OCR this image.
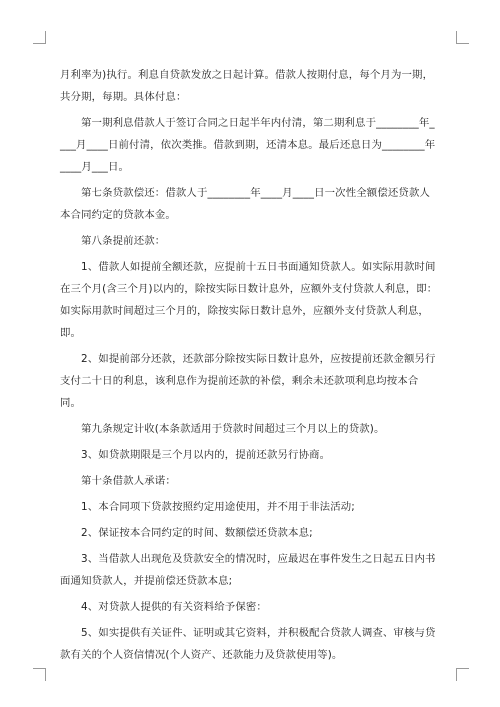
月利率为)执行。利息自贷款发放之日起计算。借款人按期付息，每个月为一期，共分期，每期。具体付息：

第一期利息借款人于签订合同之日起半年内付清，第二期利息于________年____月____日前付清，依次类推。借款到期，还清本息。最后还息日为________年____月___日。

第七条贷款偿还：借款人于________年____月____日一次性全额偿还贷款人本合同约定的贷款本金。

第八条提前还款：

1、借款人如提前全额还款，应提前十五日书面通知贷款人。如实际用款时间在三个月(含三个月)以内的，除按实际日数计息外，应额外支付贷款人利息，即：如实际用款时间超过三个月的，除按实际日数计息外，应额外支付贷款人利息，即。

2、如提前部分还款，还款部分除按实际日数计息外，应按提前还款金额另行支付二十日的利息，该利息作为提前还款的补偿，剩余未还款项利息均按本合同。

第九条规定计收(本条款适用于贷款时间超过三个月以上的贷款)。

3、如贷款期限是三个月以内的，提前还款另行协商。

第十条借款人承诺：

1、本合同项下贷款按照约定用途使用，并不用于非法活动;

2、保证按本合同约定的时间、数额偿还贷款本息;

3、当借款人出现危及贷款安全的情况时，应最迟在事件发生之日起五日内书面通知贷款人，并提前偿还贷款本息;

4、对贷款人提供的有关资料给予保密：

5、如实提供有关证件、证明或其它资料，并积极配合贷款人调查、审核与贷款有关的个人资信情况(个人资产、还款能力及贷款使用等)。
